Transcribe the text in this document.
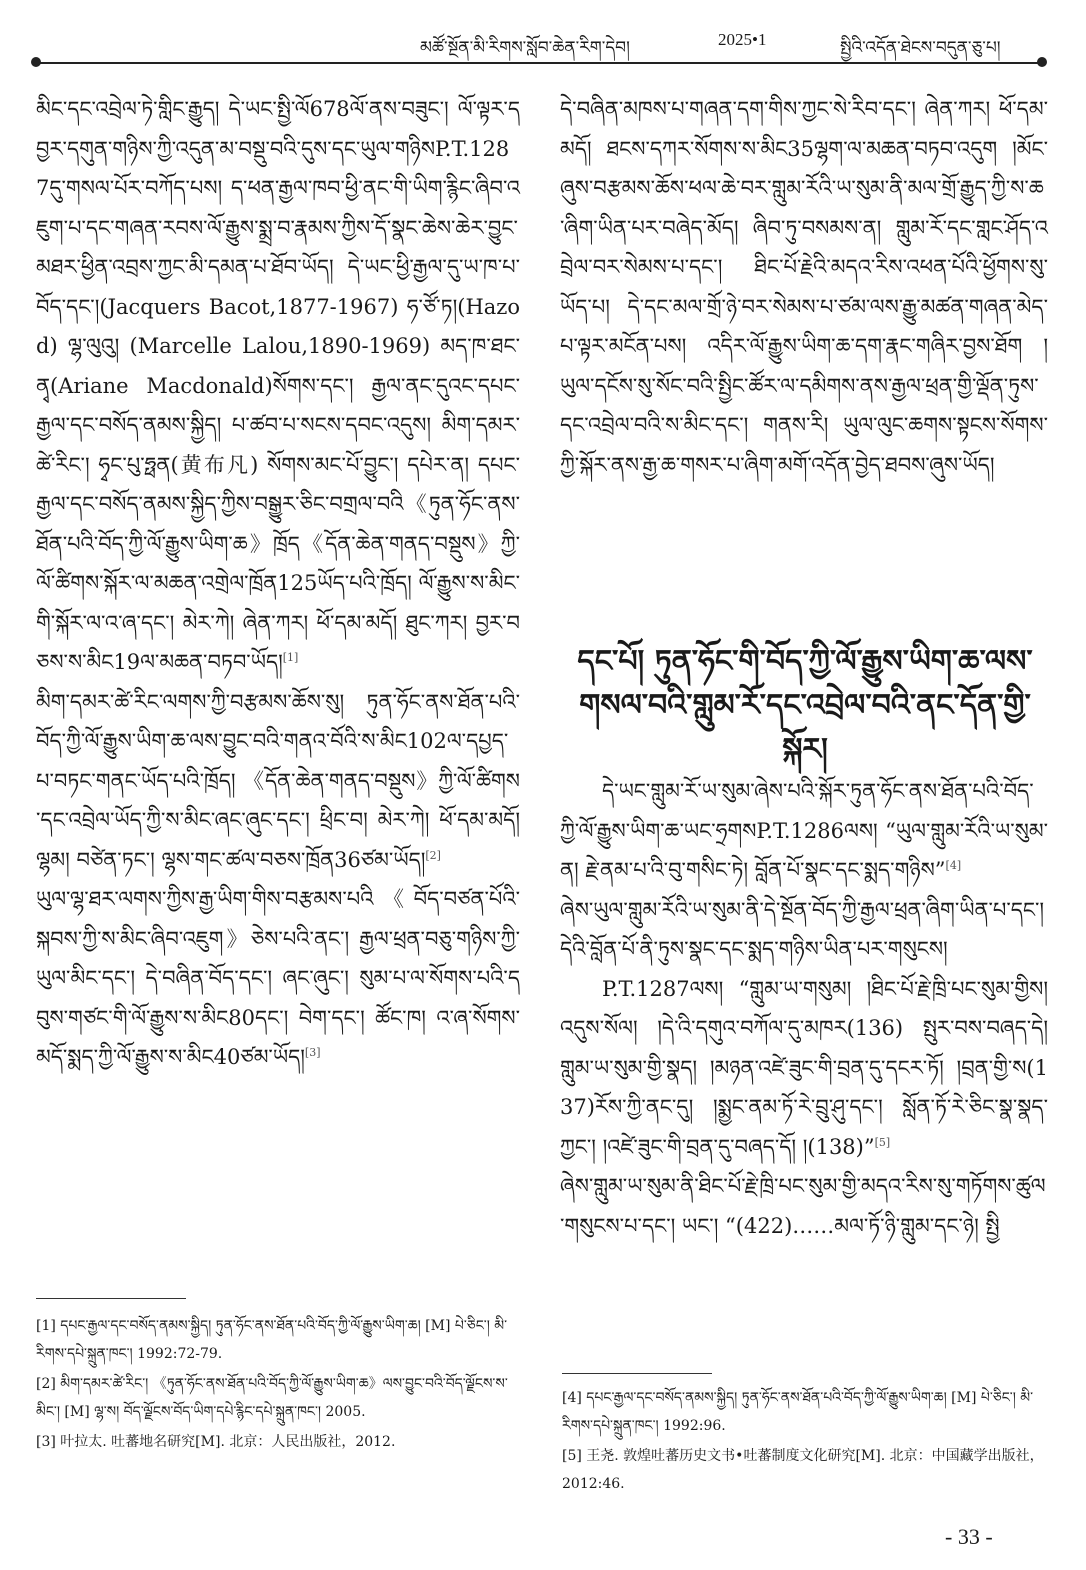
མཚོ་སྔོན་མི་རིགས་སློབ་ཆེན་རིག་དེབ།	2025•1	སྤྱིའི་འདོན་ཐེངས་བདུན་ཅུ་པ།

མིང་དང་འབྲེལ་ཏེ་གླིང་རྒྱུད། དེ་ཡང་སྤྱི་ལོ678ལོ་ནས་བཟུང་། ལོ་ལྟར་དབྱར་དགུན་གཉིས་ཀྱི་འདུན་མ་བསྡུ་བའི་དུས་དང་ཡུལ་གཉིསP.T.1287དུ་གསལ་པོར་བཀོད་པས། ད་ཕན་རྒྱལ་ཁབ་ཕྱི་ནང་གི་ཡིག་རྙིང་ཞིབ་འཇུག་པ་དང་གཞན་རབས་ལོ་རྒྱུས་སྨྲ་བ་རྣམས་ཀྱིས་དོ་སྣང་ཆེས་ཆེར་བྱུང་མཐར་ཕྱིན་འབྲས་ཀྱང་མི་དམན་པ་ཐོབ་ཡོད། དེ་ཡང་ཕྱི་རྒྱལ་དུ་ཡ་ཁ་པ་བོད་དང་།(Jacquers Bacot,1877-1967) ཧ་ཙོ་ཏ།(Hazod) ལྷ་ལུའུ། (Marcelle Lalou,1890-1969) མད་ཁ་ཐང་ནྭ(Ariane Macdonald)སོགས་དང་། རྒྱལ་ནང་དུའང་དཔང་རྒྱལ་དང་བསོད་ནམས་སྐྱིད། པ་ཚབ་པ་སངས་དབང་འདུས། མིག་དམར་ཚེ་རིང་། ཧྭང་པུ་ཧྥན(黄布凡) སོགས་མང་པོ་བྱུང་། དཔེར་ན། དཔང་རྒྱལ་དང་བསོད་ནམས་སྐྱིད་ཀྱིས་བསྒྱུར་ཅིང་བགྲལ་བའི《ཏུན་ཧོང་ནས་ཐོན་པའི་བོད་ཀྱི་ལོ་རྒྱུས་ཡིག་ཆ》ཁྲོད《དོན་ཆེན་གནད་བསྡུས》ཀྱི་ལོ་ཚིགས་སྐོར་ལ་མཆན་འགྲེལ་ཁྲོན125ཡོད་པའི་ཁྲོད། ལོ་རྒྱུས་ས་མིང་གི་སྐོར་ལ་འ་ཞ་དང་། མེར་ཀེ། ཞེན་ཀར། ཕོ་དམ་མདོ། ཐུང་ཀར། བྱར་བཅས་ས་མིང19ལ་མཆན་བཏབ་ཡོད།[1]

མིག་དམར་ཚེ་རིང་ལགས་ཀྱི་བརྩམས་ཆོས་སུ། ཏུན་ཧོང་ནས་ཐོན་པའི་བོད་ཀྱི་ལོ་རྒྱུས་ཡིག་ཆ་ལས་བྱུང་བའི་གནའ་བོའི་ས་མིང102ལ་དཔྱད་པ་བཏང་གནང་ཡོད་པའི་ཁྲོད། 《དོན་ཆེན་གནད་བསྡུས》ཀྱི་ལོ་ཚིགས་དང་འབྲེལ་ཡོད་ཀྱི་ས་མིང་ཞང་ཞུང་དང་། ཕྲིང་བ། མེར་ཀེ། ཕོ་དམ་མདོ། ལྷམ། བཙེན་ཏང་། ལྷས་གང་ཚལ་བཅས་ཁྲོན36ཙམ་ཡོད།[2]

ཡུལ་ལྷ་ཐར་ལགས་ཀྱིས་རྒྱ་ཡིག་གིས་བརྩམས་པའི《བོད་བཙན་པོའི་སྐབས་ཀྱི་ས་མིང་ཞིབ་འཇུག》ཅེས་པའི་ནང་། རྒྱལ་ཕྲན་བཅུ་གཉིས་ཀྱི་ཡུལ་མིང་དང་། དེ་བཞིན་བོད་དང་། ཞང་ཞུང་། སུམ་པ་ལ་སོགས་པའི་དབུས་གཙང་གི་ལོ་རྒྱུས་ས་མིང80དང་། བེག་དང་། ཚོང་ཁ། འ་ཞ་སོགས་མདོ་སྨད་ཀྱི་ལོ་རྒྱུས་ས་མིང40ཙམ་ཡོད།[3]

དེ་བཞིན་མཁས་པ་གཞན་དག་གིས་ཀྱང་སེ་རིབ་དང་། ཞེན་ཀར། ཕོ་དམ་མདོ། ཐངས་དཀར་སོགས་ས་མིང35ལྷག་ལ་མཆན་བཏབ་འདུག །མོང་ཞུས་བརྩམས་ཆོས་ཕལ་ཆེ་བར་གླུམ་རོའི་ཡ་སུམ་ནི་མལ་གྲོ་རྒྱུད་ཀྱི་ས་ཆ་ཞིག་ཡིན་པར་བཞེད་མོད། ཞིབ་ཏུ་བསམས་ན། གླུམ་རོ་དང་གླང་ཤོད་འབྲེལ་བར་སེམས་པ་དང་། ཐིང་པོ་རྗེའི་མདའ་རིས་འཕན་པོའི་ཕྱོགས་སུ་ཡོད་པ། དེ་དང་མལ་གྲོ་ཉེ་བར་སེམས་པ་ཙམ་ལས་རྒྱུ་མཚན་གཞན་མེད་པ་ལྟར་མངོན་པས། འདིར་ལོ་རྒྱུས་ཡིག་ཆ་དག་རྣང་གཞིར་བྱས་ཐོག །ཡུལ་དངོས་སུ་སོང་བའི་སྤྱིང་ཚོར་ལ་དམིགས་ནས་རྒྱལ་ཕྲན་གྱི་ལྡོན་ཏུས་དང་འབྲེལ་བའི་ས་མིང་དང་། གནས་རི། ཡུལ་ལུང་ཆགས་སྟངས་སོགས་ཀྱི་སྐོར་ནས་རྒྱ་ཆ་གསར་པ་ཞིག་མགོ་འདོན་བྱེད་ཐབས་ཞུས་ཡོད།

དང་པོ། ཏུན་ཧོང་གི་བོད་ཀྱི་ལོ་རྒྱུས་ཡིག་ཆ་ལས་གསལ་བའི་གླུམ་རོ་དང་འབྲེལ་བའི་ནང་དོན་གྱི་སྐོར།

དེ་ཡང་གླུམ་རོ་ཡ་སུམ་ཞེས་པའི་སྐོར་ཏུན་ཧོང་ནས་ཐོན་པའི་བོད་ཀྱི་ལོ་རྒྱུས་ཡིག་ཆ་ཡང་ཧྲགསP.T.1286ལས། “ཡུལ་གླུམ་རོའི་ཡ་སུམ་ན། རྗེ་ནམ་པ་འི་བུ་གསིང་ཏེ། བློན་པོ་སྣང་དང་སྨད་གཉིས”[4]

ཞེས་ཡུལ་གླུམ་རོའི་ཡ་སུམ་ནི་དེ་སྔོན་བོད་ཀྱི་རྒྱལ་ཕྲན་ཞིག་ཡིན་པ་དང་། དེའི་བློན་པོ་ནི་ཏུས་སྣང་དང་སྨད་གཉིས་ཡིན་པར་གསུངས།

P.T.1287ལས། “གླུམ་ཡ་གསུམ། །ཐིང་པོ་རྗེ་ཁྲི་པང་སུམ་གྱིས། འདུས་སོལ། །དེ་འི་དགུའ་བཀོལ་དུ་མཁར(136) སྤུར་བས་བཞད་དེ། གླུམ་ཡ་སུམ་གྱི་སྣད། །མཉན་འཛེ་ཟུང་གི་བྲན་དུ་དངར་ཏོ། །བྲན་གྱི་ས(137)རོས་ཀྱི་ནང་དུ། །སྨྱང་ནམ་ཏོ་རེ་བྲུ་ཤུ་དང་། སློན་ཏོ་རེ་ཅིང་སྣ་སྣད་ཀྱང་། །འཛེ་ཟུང་གི་བྲན་དུ་བཞད་དོ། །(138)”[5]

ཞེས་གླུམ་ཡ་སུམ་ནི་ཐིང་པོ་རྗེ་ཁྲི་པང་སུམ་གྱི་མདའ་རིས་སུ་གཏོགས་ཚུལ་གསུངས་པ་དང་། ཡང་། “(422)……མལ་ཏོ་ཉི་གླུམ་དང་ཉེ། སྤྱི

[1] དཔང་རྒྱལ་དང་བསོད་ནམས་སྐྱིད། ཏུན་ཧོང་ནས་ཐོན་པའི་བོད་ཀྱི་ལོ་རྒྱུས་ཡིག་ཆ། [M] པེ་ཅིང་། མི་རིགས་དཔེ་སྐྲུན་ཁང་། 1992:72-79.

[2] མིག་དམར་ཚེ་རིང་། 《ཏུན་ཧོང་ནས་ཐོན་པའི་བོད་ཀྱི་ལོ་རྒྱུས་ཡིག་ཆ》ལས་བྱུང་བའི་བོད་ལྗོངས་ས་མིང་། [M] ལྷ་ས། བོད་ལྗོངས་བོད་ཡིག་དཔེ་རྙིང་དཔེ་སྐྲུན་ཁང་། 2005.

[3] 叶拉太. 吐蕃地名研究[M]. 北京：人民出版社，2012.

[4] དཔང་རྒྱལ་དང་བསོད་ནམས་སྐྱིད། ཏུན་ཧོང་ནས་ཐོན་པའི་བོད་ཀྱི་ལོ་རྒྱུས་ཡིག་ཆ། [M] པེ་ཅིང་། མི་རིགས་དཔེ་སྐྲུན་ཁང་། 1992:96.

[5] 王尧. 敦煌吐蕃历史文书•吐蕃制度文化研究[M]. 北京：中国藏学出版社，2012:46.

- 33 -
